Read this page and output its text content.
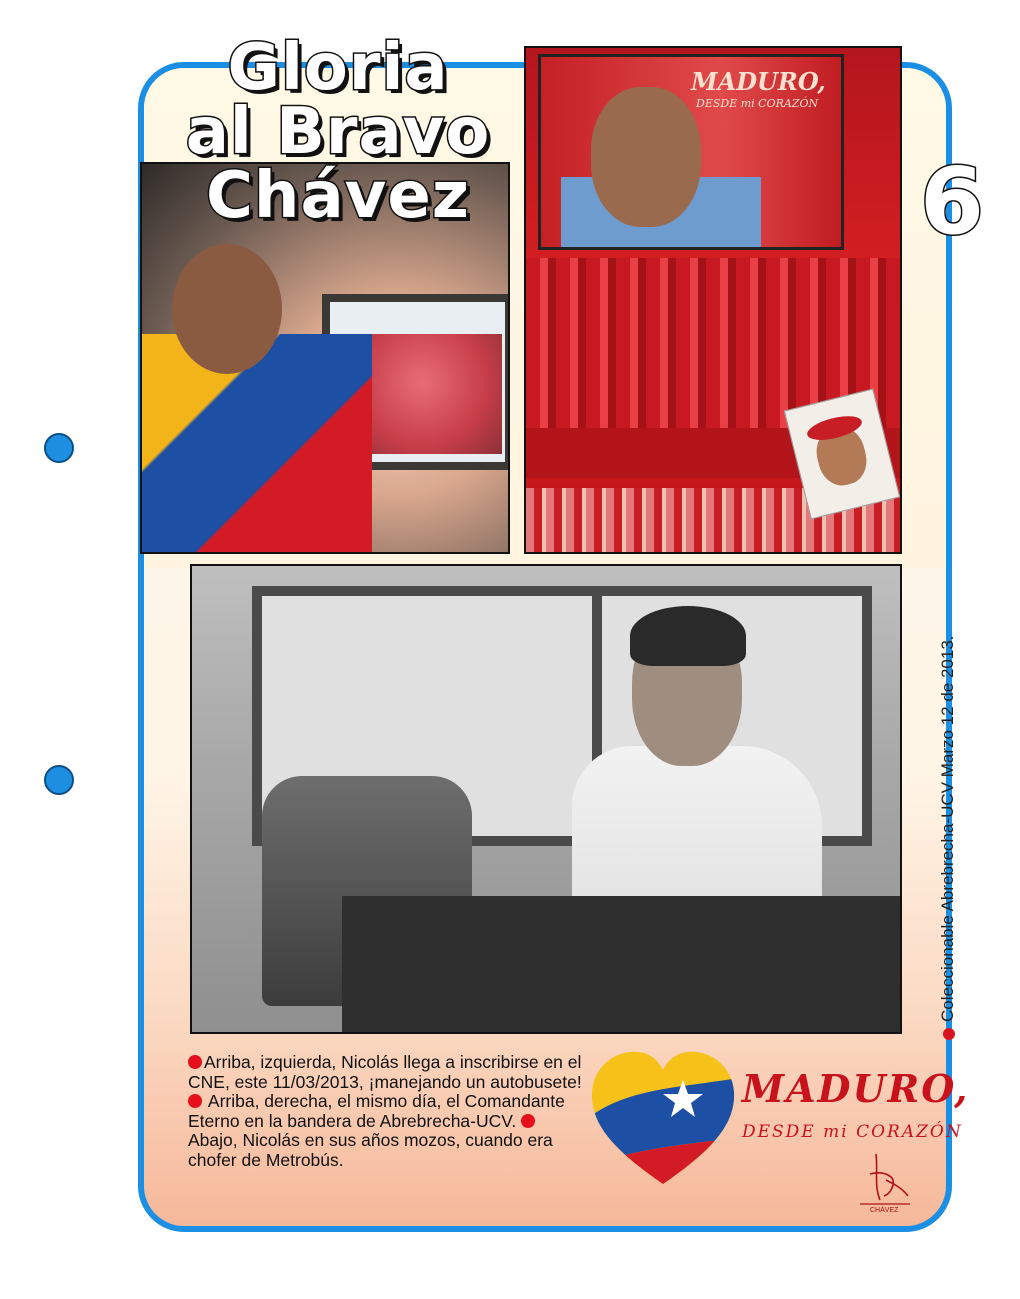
Gloria
al Bravo
Chávez	6
MADURO,
DESDE mi CORAZÓN
Coleccionable Abrebrecha-UCV Marzo 12 de 2013.
Arriba, izquierda, Nicolás llega a inscribirse en el CNE, este 11/03/2013, ¡manejando un autobusete!  Arriba, derecha, el mismo día, el Comandante Eterno en la bandera de Abrebrecha-UCV.  Abajo, Nicolás en sus años mozos, cuando era chofer de Metrobús.
MADURO,
DESDE mi CORAZÓN
CHÁVEZ
